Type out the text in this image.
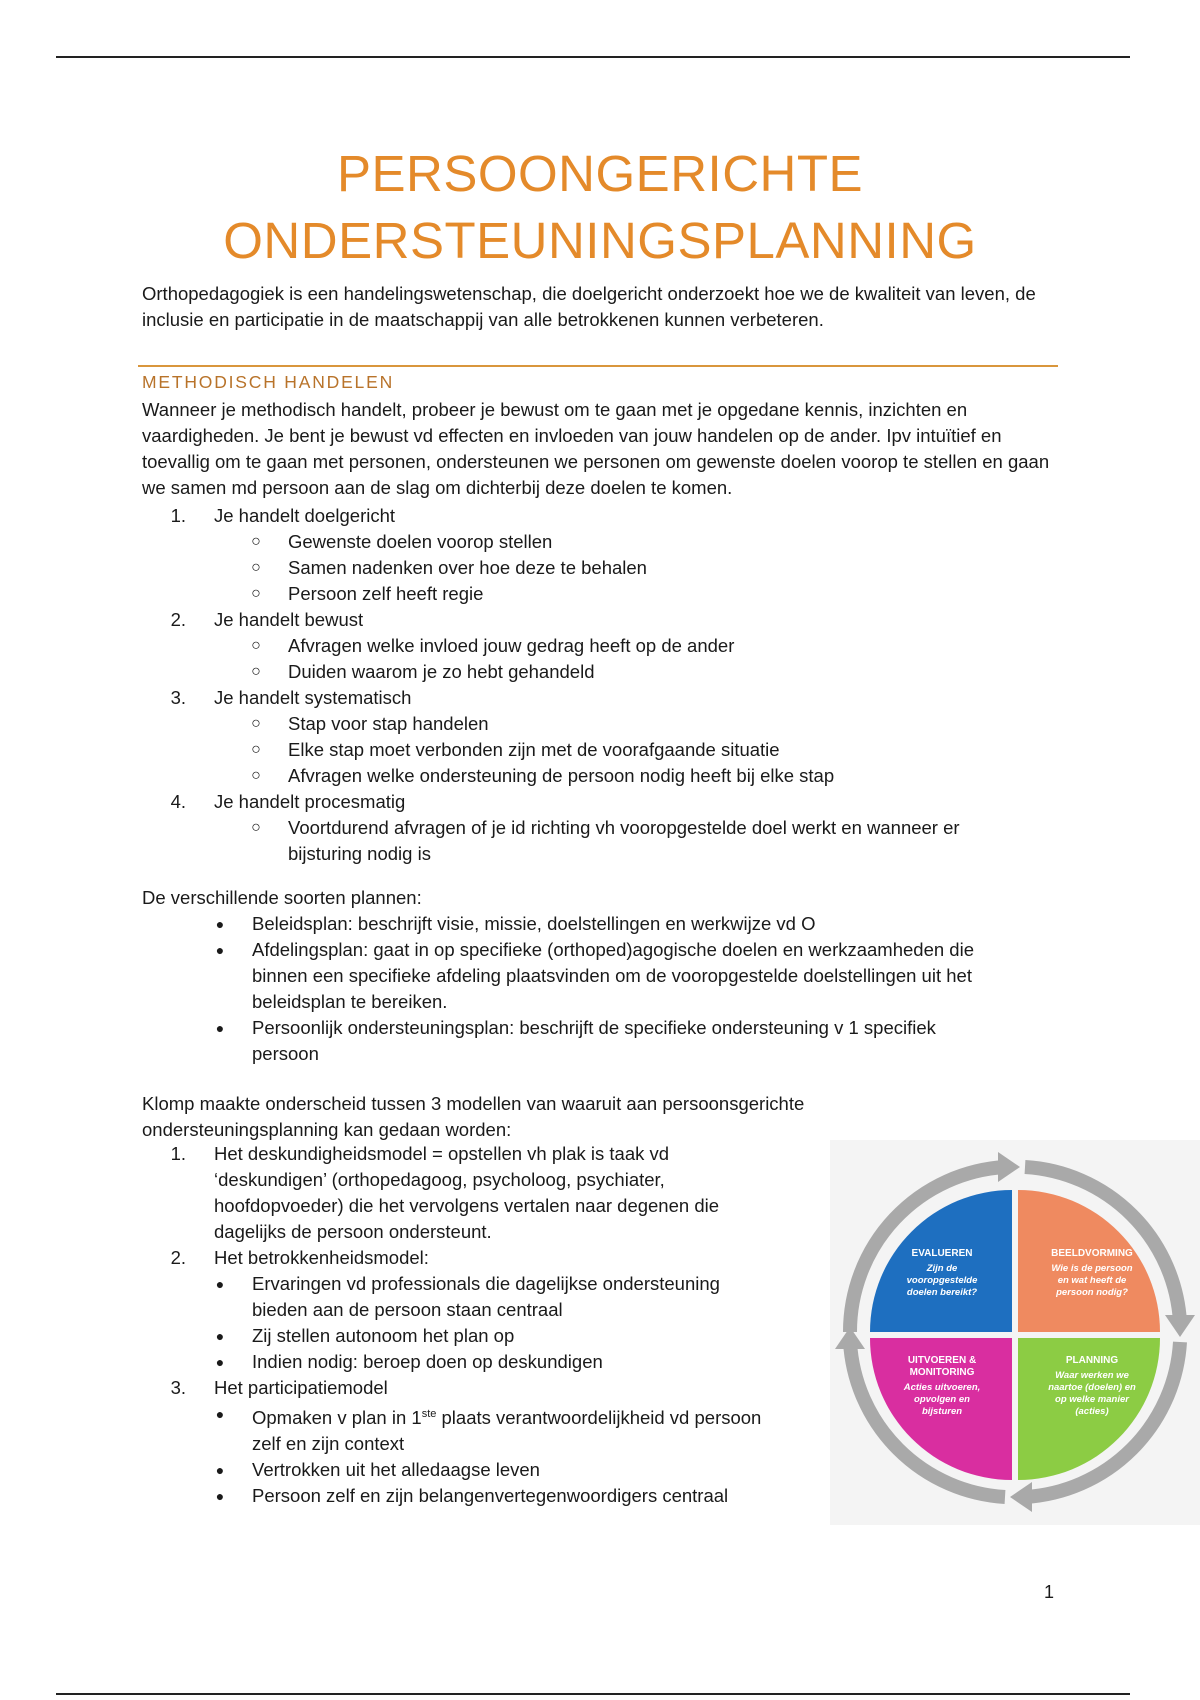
PERSOONGERICHTE
ONDERSTEUNINGSPLANNING
Orthopedagogiek is een handelingswetenschap, die doelgericht onderzoekt hoe we de kwaliteit van leven, de inclusie en participatie in de maatschappij van alle betrokkenen kunnen verbeteren.
METHODISCH HANDELEN
Wanneer je methodisch handelt, probeer je bewust om te gaan met je opgedane kennis, inzichten en vaardigheden. Je bent je bewust vd effecten en invloeden van jouw handelen op de ander. Ipv intuïtief en toevallig om te gaan met personen, ondersteunen we personen om gewenste doelen voorop te stellen en gaan we samen md persoon aan de slag om dichterbij deze doelen te komen.
1. Je handelt doelgericht
○ Gewenste doelen voorop stellen
○ Samen nadenken over hoe deze te behalen
○ Persoon zelf heeft regie
2. Je handelt bewust
○ Afvragen welke invloed jouw gedrag heeft op de ander
○ Duiden waarom je zo hebt gehandeld
3. Je handelt systematisch
○ Stap voor stap handelen
○ Elke stap moet verbonden zijn met de voorafgaande situatie
○ Afvragen welke ondersteuning de persoon nodig heeft bij elke stap
4. Je handelt procesmatig
○ Voortdurend afvragen of je id richting vh vooropgestelde doel werkt en wanneer er bijsturing nodig is
De verschillende soorten plannen:
●	Beleidsplan: beschrijft visie, missie, doelstellingen en werkwijze vd O
●	Afdelingsplan: gaat in op specifieke (orthoped)agogische doelen en werkzaamheden die binnen een specifieke afdeling plaatsvinden om de vooropgestelde doelstellingen uit het beleidsplan te bereiken.
●	Persoonlijk ondersteuningsplan: beschrijft de specifieke ondersteuning v 1 specifiek persoon
Klomp maakte onderscheid tussen 3 modellen van waaruit aan persoonsgerichte ondersteuningsplanning kan gedaan worden:
1. Het deskundigheidsmodel = opstellen vh plak is taak vd ‘deskundigen’ (orthopedagoog, psycholoog, psychiater, hoofdopvoeder) die het vervolgens vertalen naar degenen die dagelijks de persoon ondersteunt.
2. Het betrokkenheidsmodel:
●	Ervaringen vd professionals die dagelijkse ondersteuning bieden aan de persoon staan centraal
●	Zij stellen autonoom het plan op
●	Indien nodig: beroep doen op deskundigen
3. Het participatiemodel
●	Opmaken v plan in 1ste plaats verantwoordelijkheid vd persoon zelf en zijn context
●	Vertrokken uit het alledaagse leven
●	Persoon zelf en zijn belangenvertegenwoordigers centraal
EVALUEREN
Zijn de
vooropgestelde
doelen bereikt?
BEELDVORMING
Wie is de persoon
en wat heeft de
persoon nodig?
UITVOEREN &
MONITORING
Acties uitvoeren,
opvolgen en
bijsturen
PLANNING
Waar werken we
naartoe (doelen) en
op welke manier
(acties)
1
